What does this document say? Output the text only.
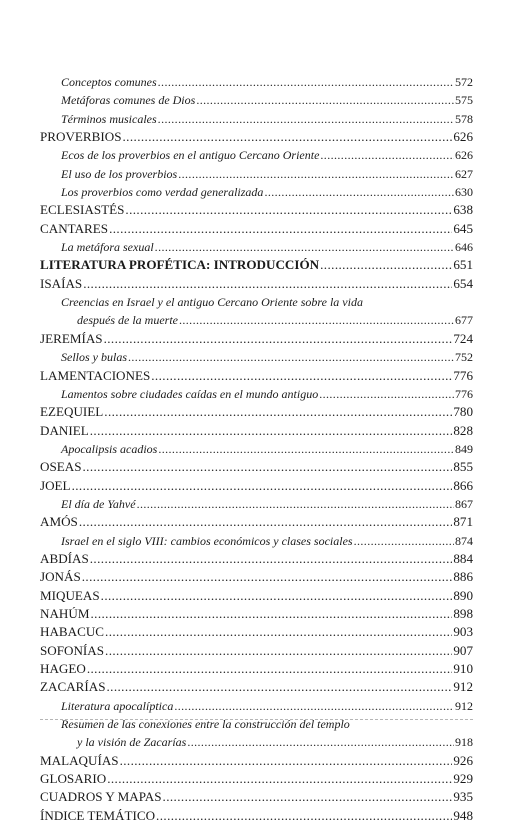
Conceptos comunes .....	572
Metáforas comunes de Dios .....	575
Términos musicales .....	578
PROVERBIOS .....	626
Ecos de los proverbios en el antiguo Cercano Oriente .....	626
El uso de los proverbios .....	627
Los proverbios como verdad generalizada .....	630
ECLESIASTÉS .....	638
CANTARES .....	645
La metáfora sexual .....	646
LITERATURA PROFÉTICA: INTRODUCCIÓN .....	651
ISAÍAS .....	654
Creencias en Israel y el antiguo Cercano Oriente sobre la vida
después de la muerte .....	677
JEREMÍAS .....	724
Sellos y bulas .....	752
LAMENTACIONES .....	776
Lamentos sobre ciudades caídas en el mundo antiguo .....	776
EZEQUIEL .....	780
DANIEL .....	828
Apocalipsis acadios .....	849
OSEAS .....	855
JOEL .....	866
El día de Yahvé .....	867
AMÓS .....	871
Israel en el siglo VIII: cambios económicos y clases sociales .....	874
ABDÍAS .....	884
JONÁS .....	886
MIQUEAS .....	890
NAHÚM .....	898
HABACUC .....	903
SOFONÍAS .....	907
HAGEO .....	910
ZACARÍAS .....	912
Literatura apocalíptica .....	912
Resumen de las conexiones entre la construcción del templo
y la visión de Zacarías .....	918
MALAQUÍAS .....	926
GLOSARIO .....	929
CUADROS Y MAPAS .....	935
ÍNDICE TEMÁTICO .....	948
